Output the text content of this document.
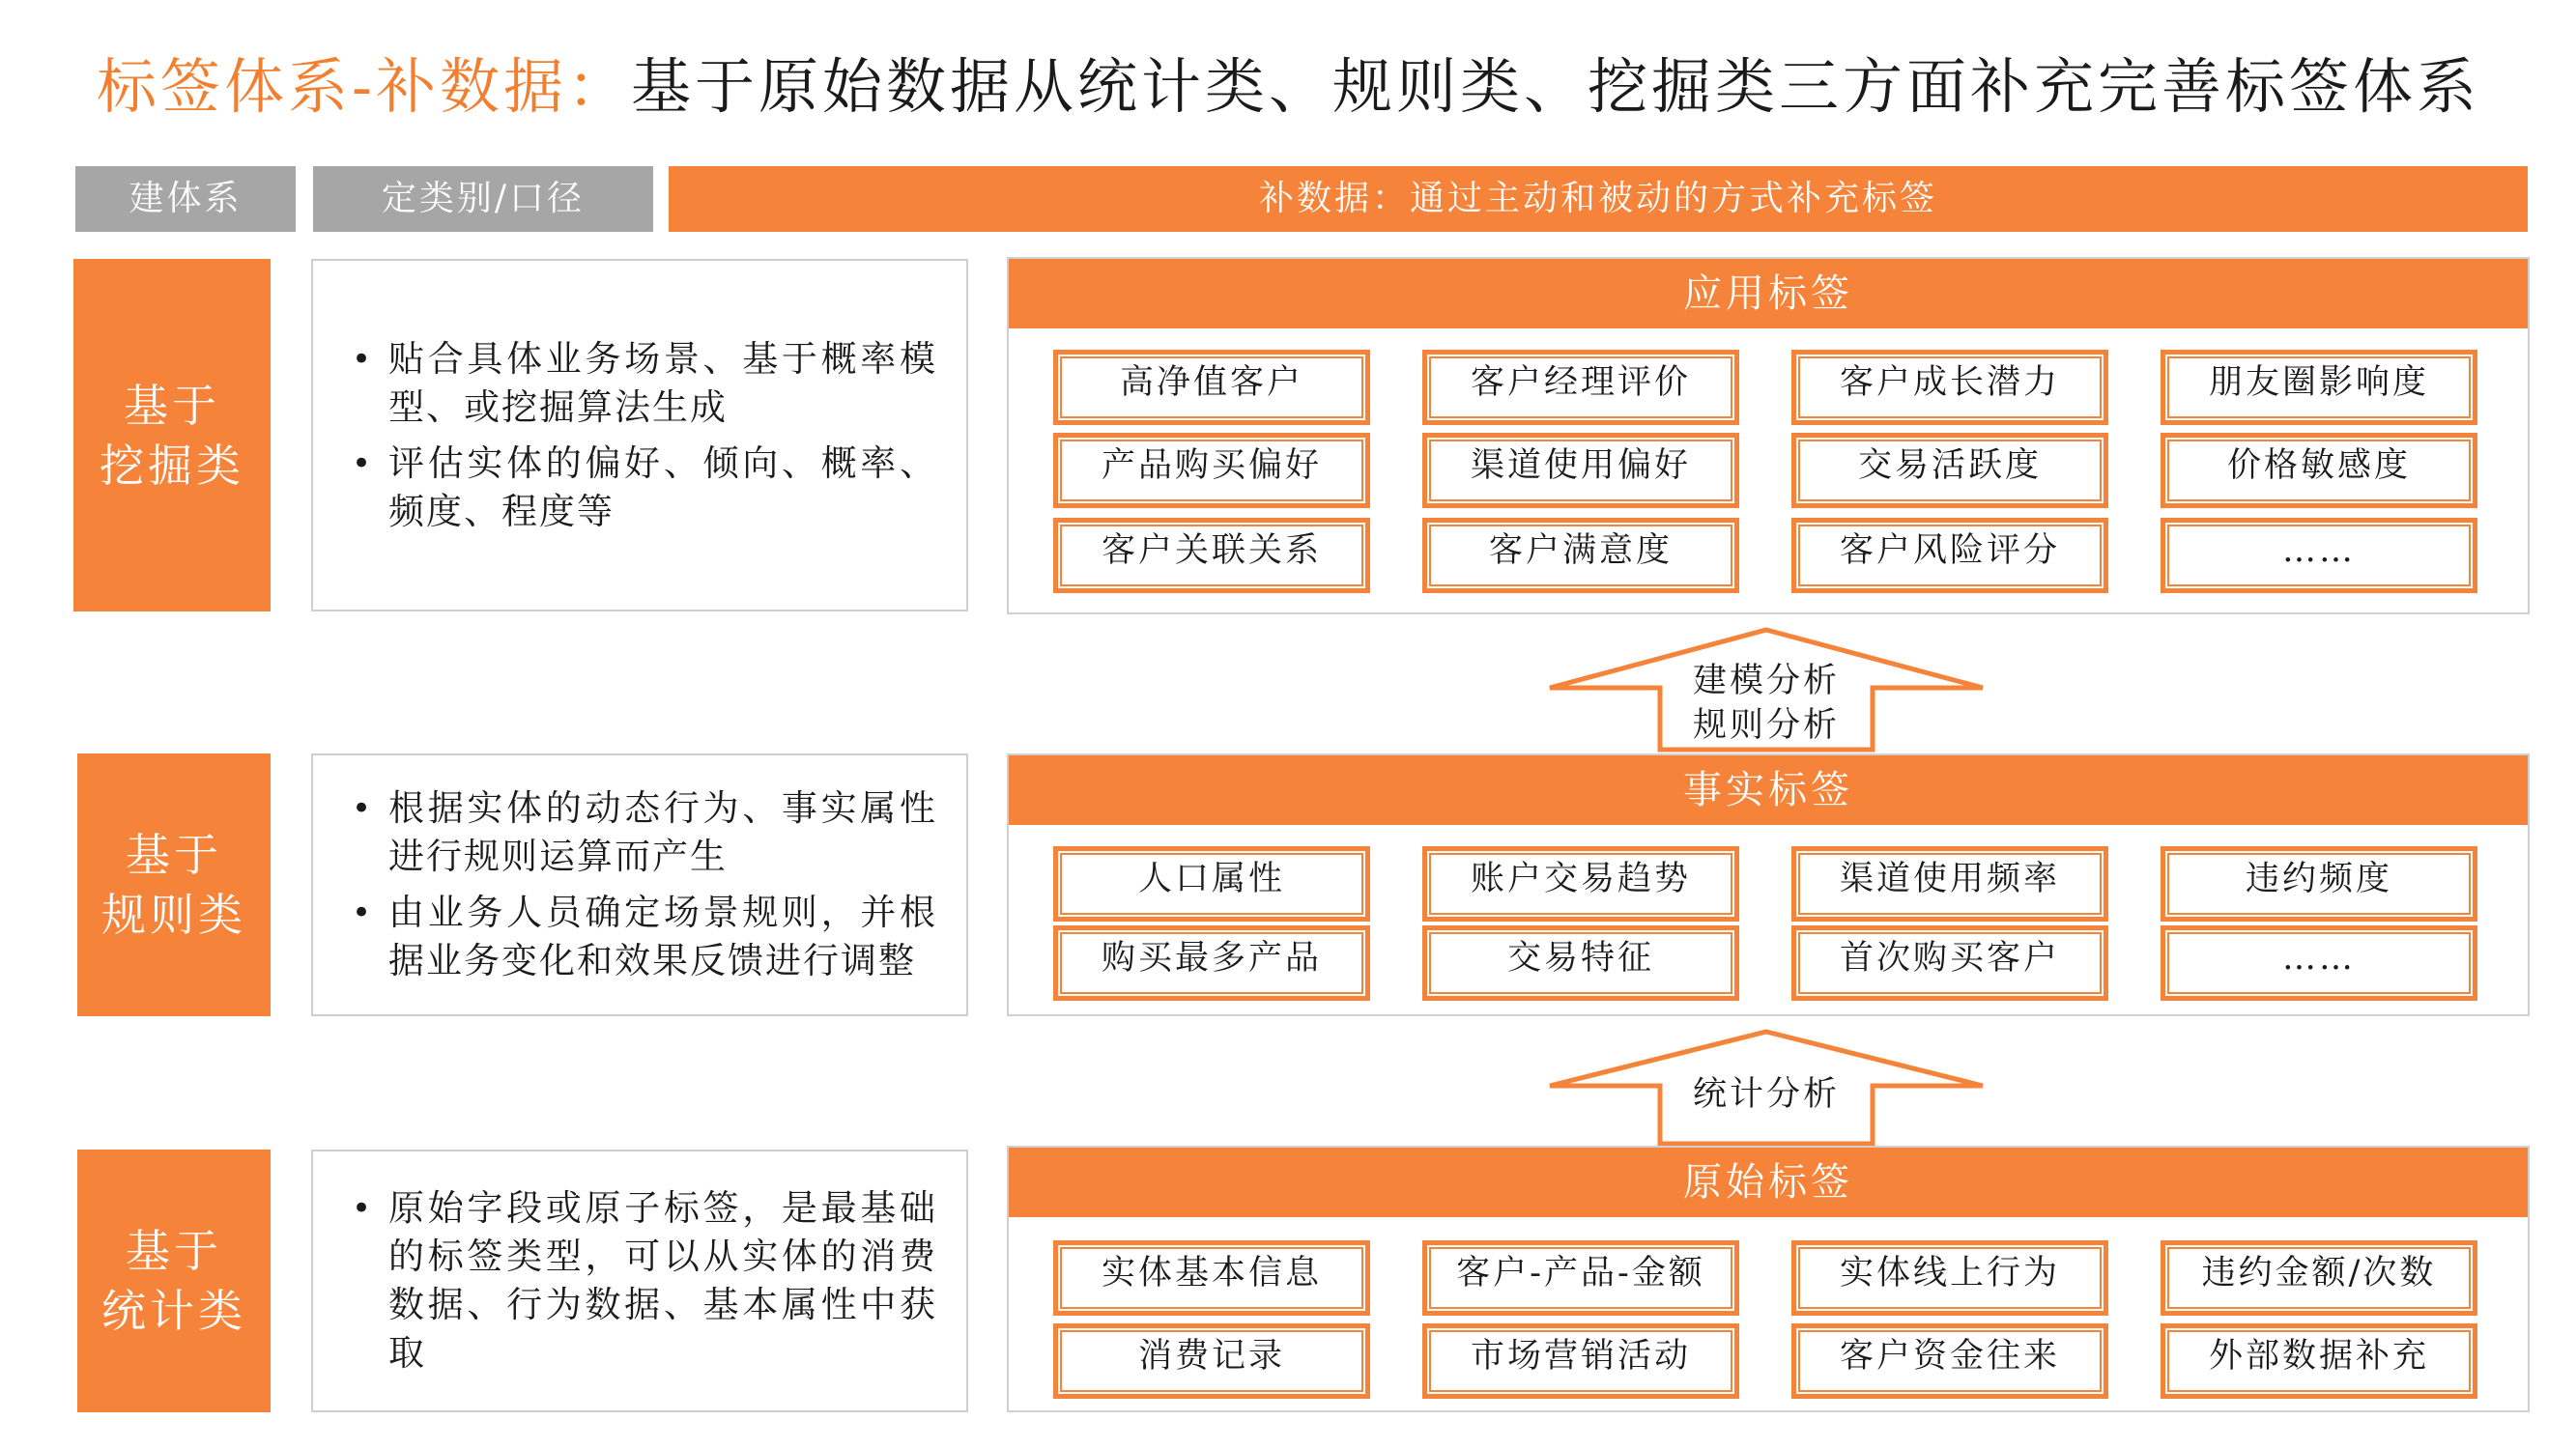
标签体系-补数据：基于原始数据从统计类、规则类、挖掘类三方面补充完善标签体系
建体系	定类别/口径	补数据：通过主动和被动的方式补充标签
基于
挖掘类
• 贴合具体业务场景、基于概率模型、或挖掘算法生成
• 评估实体的偏好、倾向、概率、频度、程度等
应用标签
高净值客户	客户经理评价	客户成长潜力	朋友圈影响度
产品购买偏好	渠道使用偏好	交易活跃度	价格敏感度
客户关联关系	客户满意度	客户风险评分	……
建模分析
规则分析
基于
规则类
• 根据实体的动态行为、事实属性进行规则运算而产生
• 由业务人员确定场景规则，并根据业务变化和效果反馈进行调整
事实标签
人口属性	账户交易趋势	渠道使用频率	违约频度
购买最多产品	交易特征	首次购买客户	……
统计分析
基于
统计类
• 原始字段或原子标签，是最基础的标签类型，可以从实体的消费数据、行为数据、基本属性中获取
原始标签
实体基本信息	客户-产品-金额	实体线上行为	违约金额/次数
消费记录	市场营销活动	客户资金往来	外部数据补充
